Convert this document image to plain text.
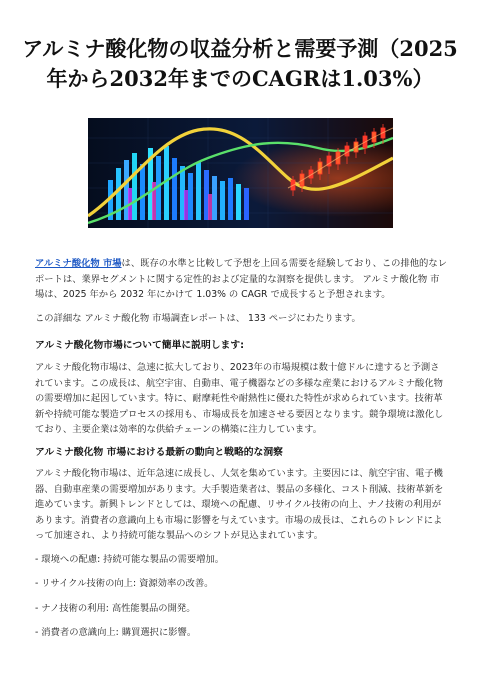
アルミナ酸化物の収益分析と需要予測（2025年から2032年までのCAGRは1.03%）

アルミナ酸化物 市場は、既存の水準と比較して予想を上回る需要を経験しており、この排他的なレポートは、業界セグメントに関する定性的および定量的な洞察を提供します。 アルミナ酸化物 市場は、2025 年から 2032 年にかけて 1.03% の CAGR で成長すると予想されます。

この詳細な アルミナ酸化物 市場調査レポートは、 133 ページにわたります。

アルミナ酸化物市場について簡単に説明します:

アルミナ酸化物市場は、急速に拡大しており、2023年の市場規模は数十億ドルに達すると予測されています。この成長は、航空宇宙、自動車、電子機器などの多様な産業におけるアルミナ酸化物の需要増加に起因しています。特に、耐摩耗性や耐熱性に優れた特性が求められています。技術革新や持続可能な製造プロセスの採用も、市場成長を加速させる要因となります。競争環境は激化しており、主要企業は効率的な供給チェーンの構築に注力しています。

アルミナ酸化物 市場における最新の動向と戦略的な洞察

アルミナ酸化物市場は、近年急速に成長し、人気を集めています。主要因には、航空宇宙、電子機器、自動車産業の需要増加があります。大手製造業者は、製品の多様化、コスト削減、技術革新を進めています。新興トレンドとしては、環境への配慮、リサイクル技術の向上、ナノ技術の利用があります。消費者の意識向上も市場に影響を与えています。市場の成長は、これらのトレンドによって加速され、より持続可能な製品へのシフトが見込まれています。

- 環境への配慮: 持続可能な製品の需要増加。

- リサイクル技術の向上: 資源効率の改善。

- ナノ技術の利用: 高性能製品の開発。

- 消費者の意識向上: 購買選択に影響。
